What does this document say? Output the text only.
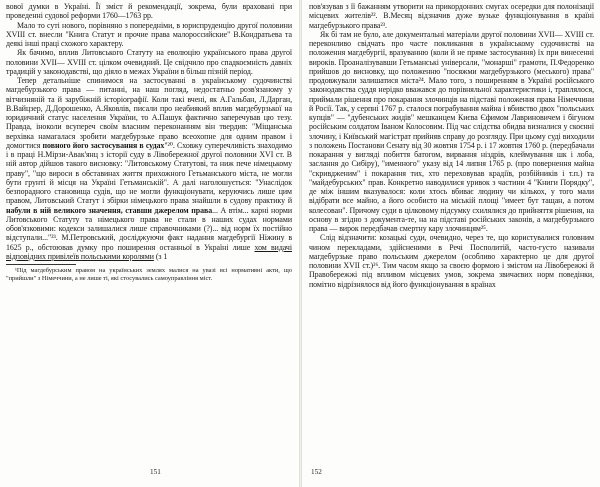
вової думки в Україні. Її зміст й рекомендації, зокрема, були враховані при проведенні судової реформи 1760—1763 рр.

Мало то суті нового, порівняно з попередніми, в юриспруденцію другої половини XVIII ст. внесли "Книга Статут и прочие права малороссийские" В.Кондратьева та деякі інші праці схожого характеру.

Як бачимо, вплив Литовського Статуту на еволюцію українського права другої половини XVII— XVIII ст. цілком очевидний. Це свідчило про спадкоємність давніх традицій у законодавстві, що діяло в межах України в більш пізній період.

Тепер детальніше спинимося на застосуванні в українському судочинстві магдебурзького права — питанні, на наш погляд, недостатньо розв'язаному у вітчизняній та й зарубіжній історіографії. Коли такі вчені, як А.Гальбан, Л.Дарган, В.Вайцзер, Д.Дорошенко, А.Яковлів, писали про неабиякий вплив магдебурзької на юридичний статус населення України, то А.Пашук фактично заперечував цю тезу. Правда, іноколи всупереч своїм власним переконанням він твердив: "Міщанська верхівка намагалася зробити магдебурзьке право всеохопне для одним правом і домогтися повного його застосування в судах"²⁰. Сховжу суперечливість знаходимо і в праці Н.Мірзи-Авак'янц з історії суду в Лівобережної другої половини XVI ст. В ній автор дійшов такого висновку: "Литовському Статутові, та ниж пече німецькому праву", "що вироси в обставинах життя прихожного Гетьманського міста, не могли бути грунті й місця на Україні Гетьманській". А далі наголошується: "Унаслідок безпорадного становища судів, що не могли функціонувати, керуючись лише цим правом, Литовський Статут і збірки німецького права знайшли в судову практику й набули в ній великого значення, ставши джерелом права... А втім... карні норми Литовського Статуту та німецького права не стали в наших судах нормами обов'язковими: кодекси залишалися лише справочниками (?)... від норм їх постійно відступали..."²³. М.Петровський, досліджуючи факт надання магдебургії Ніжину в 1625 р., обстоював думку про поширення останньої в Україні лише хом видачі відповідних привілеїв польськими королями (з 1

¹Під магдебурським правом на українських землях малися на увазі всі нормативні акти, що "прийшли" з Німеччини, а не лише ті, які стосувались самоуправління міст.

151

пов'язував з її бажанням утворити на прикордонних смугах осередки для полонізації місцевих жителів²². В.Месяц відзначив дуже вузьке функціонування в країні магдебурзького права²³.

Як бі там не було, але документальні матеріали другої половини XVII— XVIII ст. переконливо свідчать про часте покликання в українському судочинстві на положення магдебургії, вразуванню (коли й не пряме застосування) їх при винесенні вироків. Проаналізувавши Гетьманські універсали, "монарші" грамоти, П.Федоренко прийшов до висновку, що положенню "посяжми магдебурзького (меського) права" продовжували залишатися міста²⁴. Мало того, з поширенням в Україні російського законодавства суддя нерідко вважався до порівняльної характеристики і, траплялося, приймали рішення про покарання злочинців на підставі положення права Німеччини й Росії. Так, у серпні 1767 р. сталося пограбування майна і вбивство двох "польських купців" — "дубенських жидів" мешканцем Києва Єфимом Лавриновичем і бігуном російським солдатом Іваном Колосовим. Під час слідства обидва визналися у скоєнні злочину, і Київський магістрат прийняв справу до розгляду. При цьому суді виходили з положень Постанови Сенату від 30 жовтня 1754 р. і 17 жовтня 1760 р. (передбачали покарання у вигляді побиття батогом, вирвання ніздрів, клеймування шк і лоба, заслання до Сибіру), "именного" указу від 14 липня 1765 р. (про повернення майна "скривдженим" і покарання тих, хто переховував крадіїв, розбійників і т.п.) та "майдебурських" прав. Конкретно наводилися уривок з частини 4 "Книги Порядку", де між іншим вказувалося: коли хтось вбиває людину чи кількох, у того мали відібрати все майно, а його особисто на міській площі "имеет бут тащан, а потом колесован". Причому суди в цілковому підсумку схилялися до прийняття рішення, на основу в згідно з документа-те, на на підставі російських законів, а магдебурзького права — вирок передбачав смертну кару злочинцям²⁵.

Слід відзначити: козацькі суди, очевидно, через те, що користувалися головним чином перекладами, здійсненими в Речі Посполитій, часто-густо називали магдебурзьке право польським джерелом (особливо характерно це для другої половини XVII ст.)²⁶. Тим часом якщо за своєю формою і змістом на Лівобережжі й Правобережжі під впливом місцевих умов, зокрема звичаєвих норм поведінки, помітно відрізнялося від його функціонування в країнах

152
